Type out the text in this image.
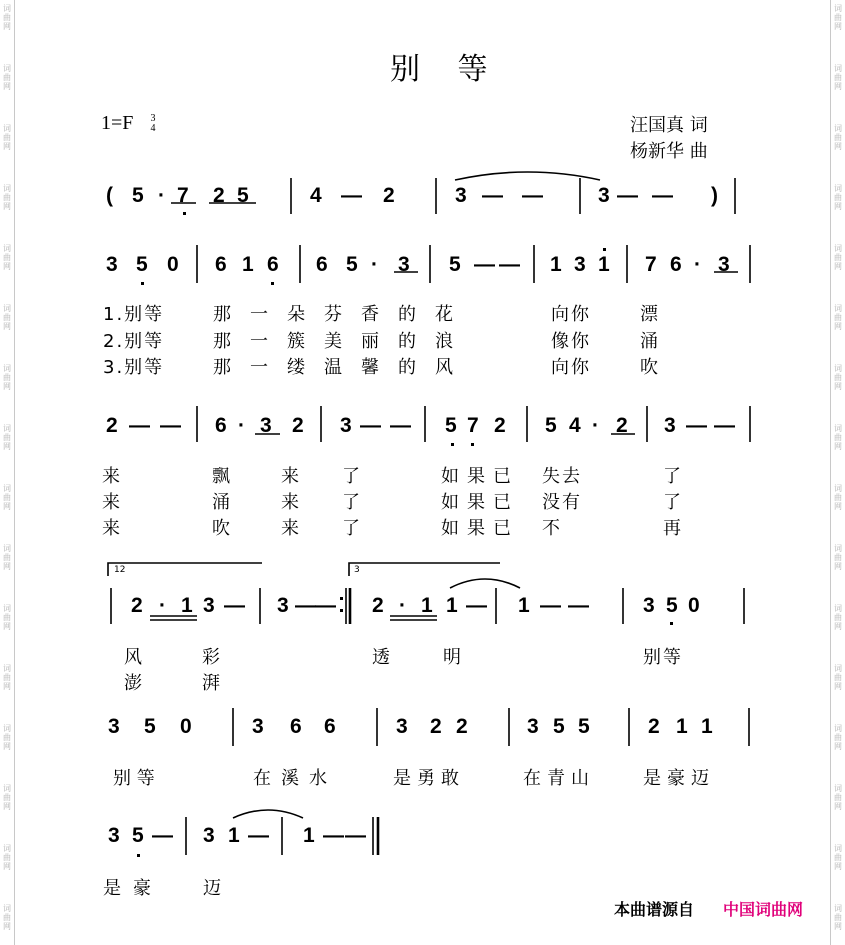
词
曲
网
词
曲
网
词
曲
网
词
曲
网
词
曲
网
词
曲
网
词
曲
网
词
曲
网
词
曲
网
词
曲
网
词
曲
网
词
曲
网
词
曲
网
词
曲
网
词
曲
网
词
曲
网
词
曲
网
词
曲
网
词
曲
网
词
曲
网
词
曲
网
词
曲
网
词
曲
网
词
曲
网
词
曲
网
词
曲
网
词
曲
网
词
曲
网
词
曲
网
词
曲
网
词
曲
网
词
曲
网
别 等
1=F 3
4	汪国真 词
杨新华 曲
( 5 · 7 2 5	4 — 2	3 — —	3 — — )
3 5 0 6 1 6 6 5 · 3 5 — — 1 3 1 7 6 · 3
2 — — 6 · 3 2 3 — — 5 7 2 5 4 · 2 3 — —
2 · 1 3 — 3 — — 2 · 1 1 — 1 — —	3 5 0
3 5 0	3 6 6	3 2 2	3 5 5	2 1 1
3 5 — 3 1 — 1 — —
12	3
1.别等	那一朵芬香的花	向你	漂
2.别等	那一簇美丽的浪	像你	涌
3.别等	那一缕温馨的风	向你	吹
来	飘	来 了	如果已 失去	了
来	涌	来 了	如果已 没有	了
来	吹	来 了	如果已 不	再
风	彩	透	明	别等
澎	湃
别 等	在溪水	是勇敢	在青山	是豪迈
是豪 迈
本曲谱源自 中国词曲网
